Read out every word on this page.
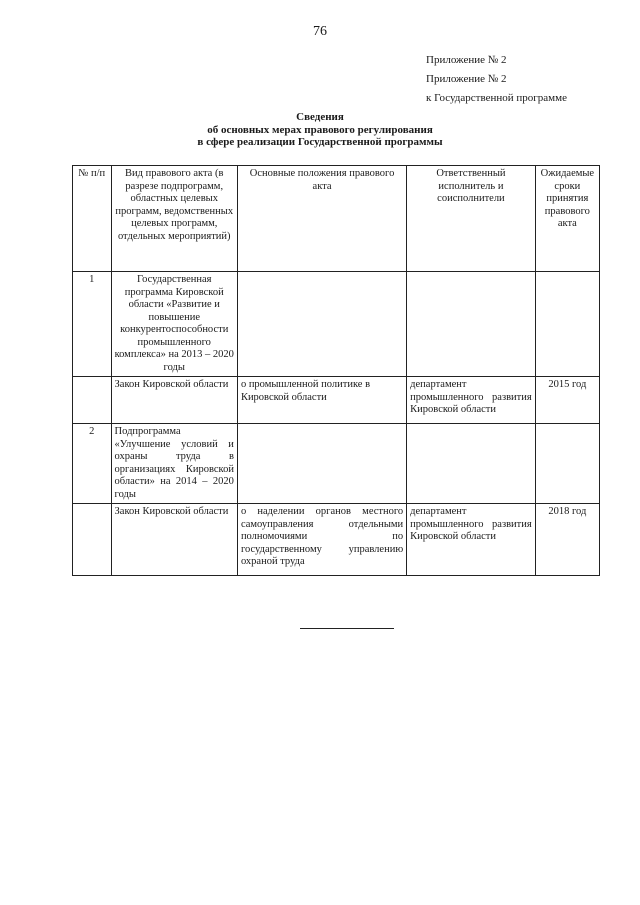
76
Приложение № 2
Приложение № 2
к Государственной программе
Сведения
об основных мерах правового регулирования
в сфере реализации Государственной программы
№ п/п	Вид правового акта (в разрезе подпрограмм, областных целевых программ, ведомственных целевых программ, отдельных мероприятий)	Основные положения правового акта	Ответственный исполнитель и соисполнители	Ожидаемые сроки принятия правового акта
1	Государственная программа Кировской области «Развитие и повышение конкурентоспособности промышленного комплекса» на 2013 – 2020 годы			
	Закон Кировской области	о промышленной политике в Кировской области	департамент промышленного развития Кировской области	2015 год
2	Подпрограмма «Улучшение условий и охраны труда в организациях Кировской области» на 2014 – 2020 годы			
	Закон Кировской области	о наделении органов местного самоуправления отдельными полномочиями по государственному управлению охраной труда	департамент промышленного развития Кировской области	2018 год
